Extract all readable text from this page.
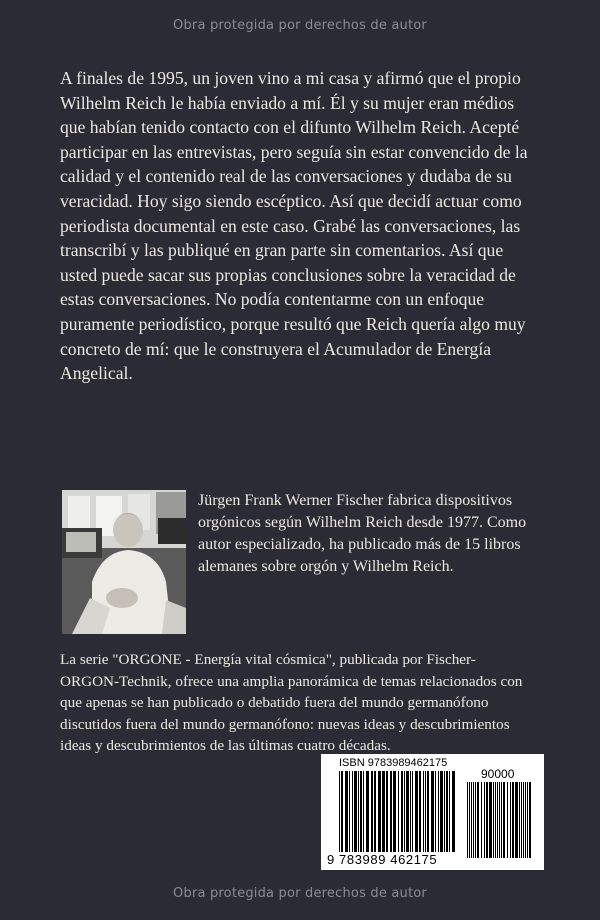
Obra protegida por derechos de autor

A finales de 1995, un joven vino a mi casa y afirmó que el propio Wilhelm Reich le había enviado a mí. Él y su mujer eran médios que habían tenido contacto con el difunto Wilhelm Reich. Acepté participar en las entrevistas, pero seguía sin estar convencido de la calidad y el contenido real de las conversaciones y dudaba de su veracidad. Hoy sigo siendo escéptico. Así que decidí actuar como periodista documental en este caso. Grabé las conversaciones, las transcribí y las publiqué en gran parte sin comentarios. Así que usted puede sacar sus propias conclusiones sobre la veracidad de estas conversaciones. No podía contentarme con un enfoque puramente periodístico, porque resultó que Reich quería algo muy concreto de mí: que le construyera el Acumulador de Energía Angelical.

Jürgen Frank Werner Fischer fabrica dispositivos orgónicos según Wilhelm Reich desde 1977. Como autor especializado, ha publicado más de 15 libros alemanes sobre orgón y Wilhelm Reich.

La serie "ORGONE - Energía vital cósmica", publicada por Fischer-ORGON-Technik, ofrece una amplia panorámica de temas relacionados con que apenas se han publicado o debatido fuera del mundo germanófono discutidos fuera del mundo germanófono: nuevas ideas y descubrimientos ideas y descubrimientos de las últimas cuatro décadas.

ISBN 9783989462175
90000
9 783989 462175
Obra protegida por derechos de autor
